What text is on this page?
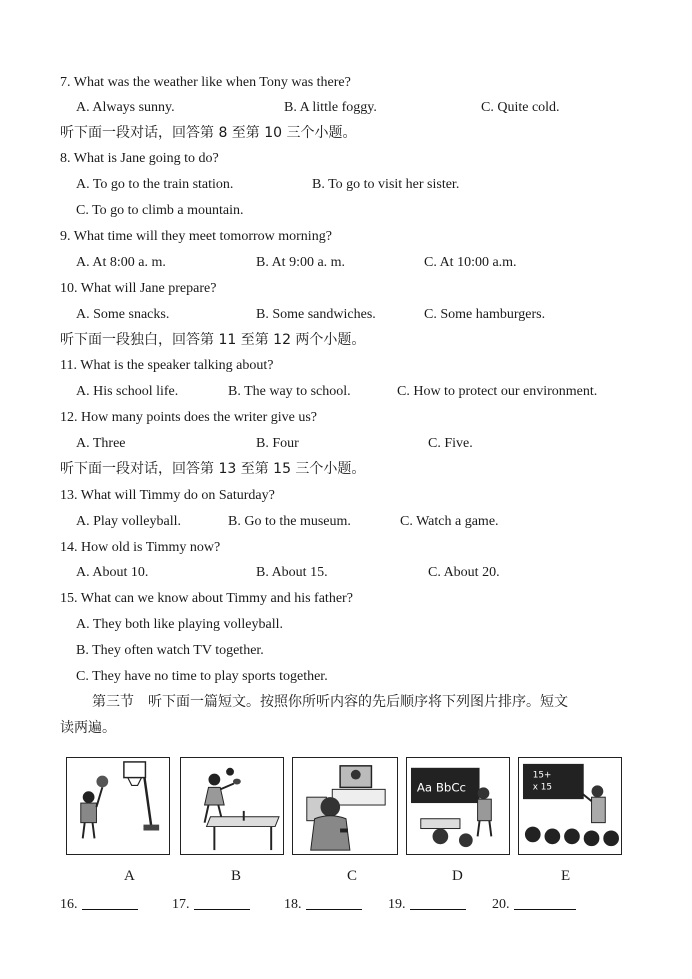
7. What was the weather like when Tony was there?
A. Always sunny.	B. A little foggy.	C. Quite cold.
听下面一段对话，回答第 8 至第 10 三个小题。
8. What is Jane going to do?
A. To go to the train station.	B. To go to visit her sister.
C. To go to climb a mountain.
9. What time will they meet tomorrow morning?
A. At 8:00 a. m.	B. At 9:00 a. m.	C. At 10:00 a.m.
10. What will Jane prepare?
A. Some snacks.	B. Some sandwiches.	C. Some hamburgers.
听下面一段独白，回答第 11 至第 12 两个小题。
11. What is the speaker talking about?
A. His school life.	B. The way to school.	C. How to protect our environment.
12. How many points does the writer give us?
A. Three	B. Four	C. Five.
听下面一段对话，回答第 13 至第 15 三个小题。
13. What will Timmy do on Saturday?
A. Play volleyball.	B. Go to the museum.	C. Watch a game.
14. How old is Timmy now?
A. About 10.	B. About 15.	C. About 20.
15. What can we know about Timmy and his father?
A. They both like playing volleyball.
B. They often watch TV together.
C. They have no time to play sports together.
第三节　听下面一篇短文。按照你所听内容的先后顺序将下列图片排序。短文
读两遍。
Aa BbCc
15+
x 15
A	B	C	D	E
16.	17.	18.	19.	20.
